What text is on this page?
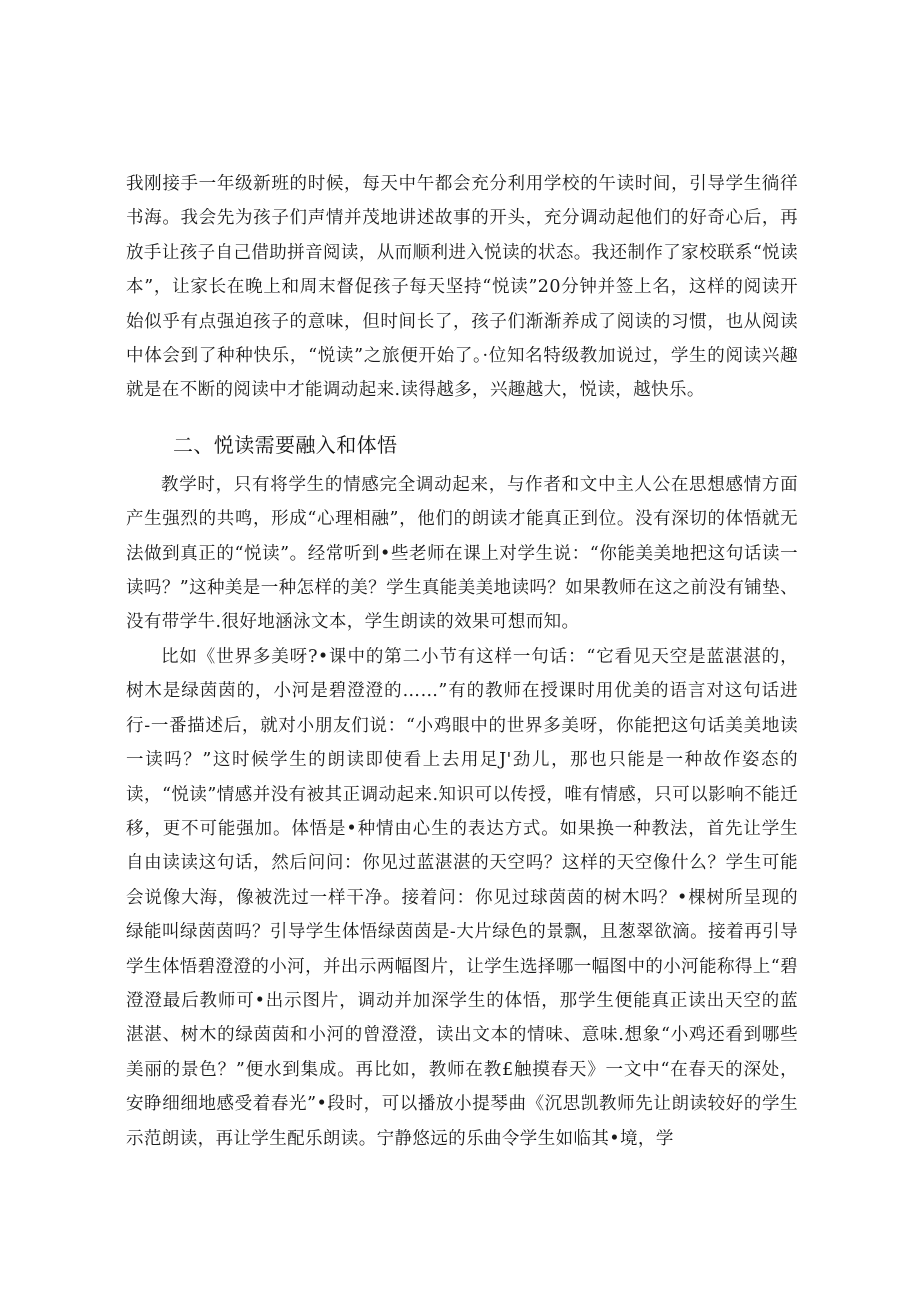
我刚接手一年级新班的时候，每天中午都会充分利用学校的午读时间，引导学生徜徉书海。我会先为孩子们声情并茂地讲述故事的开头，充分调动起他们的好奇心后，再放手让孩子自己借助拼音阅读，从而顺利进入悦读的状态。我还制作了家校联系“悦读本”，让家长在晚上和周末督促孩子每天坚持“悦读”20分钟并签上名，这样的阅读开始似乎有点强迫孩子的意味，但时间长了，孩子们渐渐养成了阅读的习惯，也从阅读中体会到了种种快乐，“悦读”之旅便开始了。·位知名特级教加说过，学生的阅读兴趣就是在不断的阅读中才能调动起来.读得越多，兴趣越大，悦读，越快乐。

二、悦读需要融入和体悟

教学时，只有将学生的情感完全调动起来，与作者和文中主人公在思想感情方面产生强烈的共鸣，形成“心理相融”，他们的朗读才能真正到位。没有深切的体悟就无法做到真正的“悦读”。经常听到•些老师在课上对学生说：“你能美美地把这句话读一读吗？”这种美是一种怎样的美？学生真能美美地读吗？如果教师在这之前没有铺垫、没有带学牛.很好地涵泳文本，学生朗读的效果可想而知。

比如《世界多美呀?•课中的第二小节有这样一句话：“它看见天空是蓝湛湛的，树木是绿茵茵的，小河是碧澄澄的……”有的教师在授课时用优美的语言对这句话进行-一番描述后，就对小朋友们说：“小鸡眼中的世界多美呀，你能把这句话美美地读一读吗？”这时候学生的朗读即使看上去用足J'劲儿，那也只能是一种故作姿态的读，“悦读”情感并没有被其正调动起来.知识可以传授，唯有情感，只可以影响不能迁移，更不可能强加。体悟是•种情由心生的表达方式。如果换一种教法，首先让学生自由读读这句话，然后问问：你见过蓝湛湛的天空吗？这样的天空像什么？学生可能会说像大海，像被洗过一样干净。接着问：你见过球茵茵的树木吗？•棵树所呈现的绿能叫绿茵茵吗？引导学生体悟绿茵茵是-大片绿色的景飘，且葱翠欲滴。接着再引导学生体悟碧澄澄的小河，并出示两幅图片，让学生选择哪一幅图中的小河能称得上“碧澄澄最后教师可•出示图片，调动并加深学生的体悟，那学生便能真正读出天空的蓝湛湛、树木的绿茵茵和小河的曾澄澄，读出文本的情味、意味.想象“小鸡还看到哪些美丽的景色？”便水到集成。再比如，教师在教£触摸春天》一文中“在春天的深处，安睁细细地感受着春光”•段时，可以播放小提琴曲《沉思凯教师先让朗读较好的学生示范朗读，再让学生配乐朗读。宁静悠远的乐曲令学生如临其•境，学
